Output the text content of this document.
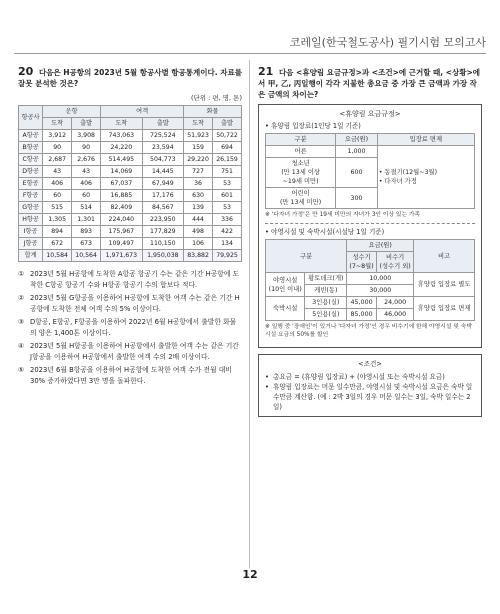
코레일(한국철도공사) 필기시험 모의고사

20 다음은 H공항의 2023년 5월 항공사별 항공통계이다. 자료를 잘못 분석한 것은?

(단위 : 편, 명, 톤)
항공사	운항		여객		화물	
	도착	출발	도착	출발	도착	출발
A항공	3,912	3,908	743,063	725,524	51,923	50,722
B항공	90	90	24,220	23,594	159	694
C항공	2,687	2,676	514,495	504,773	29,220	26,159
D항공	43	43	14,069	14,445	727	751
E항공	406	406	67,037	67,949	36	53
F항공	60	60	16,885	17,176	630	601
G항공	515	514	82,409	84,567	139	53
H항공	1,305	1,301	224,040	223,950	444	336
I항공	894	893	175,967	177,829	498	422
J항공	672	673	109,497	110,150	106	134
합계	10,584	10,564	1,971,673	1,950,038	83,882	79,925
① 2023년 5월 H공항에 도착한 A항공 항공기 수는 같은 기간 H공항에 도착한 C항공 항공기 수와 H항공 항공기 수의 합보다 적다.
② 2023년 5월 G항공을 이용하여 H공항에 도착한 여객 수는 같은 기간 H공항에 도착한 전체 여객 수의 5% 이상이다.
③ D항공, E항공, F항공을 이용하여 2022년 6월 H공항에서 출발한 화물의 양은 1,400톤 이상이다.
④ 2023년 5월 H항공을 이용하여 H공항에서 출발한 여객 수는 같은 기간 J항공을 이용하여 H공항에서 출발한 여객 수의 2배 이상이다.
⑤ 2023년 6월 B항공을 이용하여 H공항에 도착한 여객 수가 전월 대비 30% 증가하였다면 3만 명을 돌파한다.

21 다음 <휴양림 요금규정>과 <조건>에 근거할 때, <상황>에서 甲, 乙, 丙일행이 각각 지불한 총요금 중 가장 큰 금액과 가장 작은 금액의 차이는?

<휴양림 요금규정>
• 휴양림 입장료(1인당 1일 기준)
구분	요금(원)	입장료 면제
어른	1,000	• 동절기(12월~3월)
• 다자녀 가정
청소년
(만 13세 이상
~19세 미만)	600	
어린이
(만 13세 미만)	300	
※ '다자녀 가정'은 만 19세 미만의 자녀가 3인 이상 있는 가족
• 야영시설 및 숙박시설(시설당 1일 기준)
구분		요금(원)		비고
		성수기
(7~8월)	비수기
(성수기 외)	
야영시설
(10인 이내)	황토데크(개)	10,000		휴양림 입장료 별도
	캐빈(동)	30,000		
숙박시설	3인용(실)	45,000	24,000	휴양림 입장료 면제
	5인용(실)	85,000	46,000	
※ 일행 중 '장애인'이 있거나 '다자녀 가정'인 경우 비수기에 한해 야영시설 및 숙박시설 요금의 50%를 할인
<조건>
• 총요금 = (휴양림 입장료) + (야영시설 또는 숙박시설 요금)
• 휴양림 입장료는 머문 일수만큼, 야영시설 및 숙박시설 요금은 숙박 일수만큼 계산함. (예 : 2박 3일의 경우 머문 일수는 3일, 숙박 일수는 2일)
12
